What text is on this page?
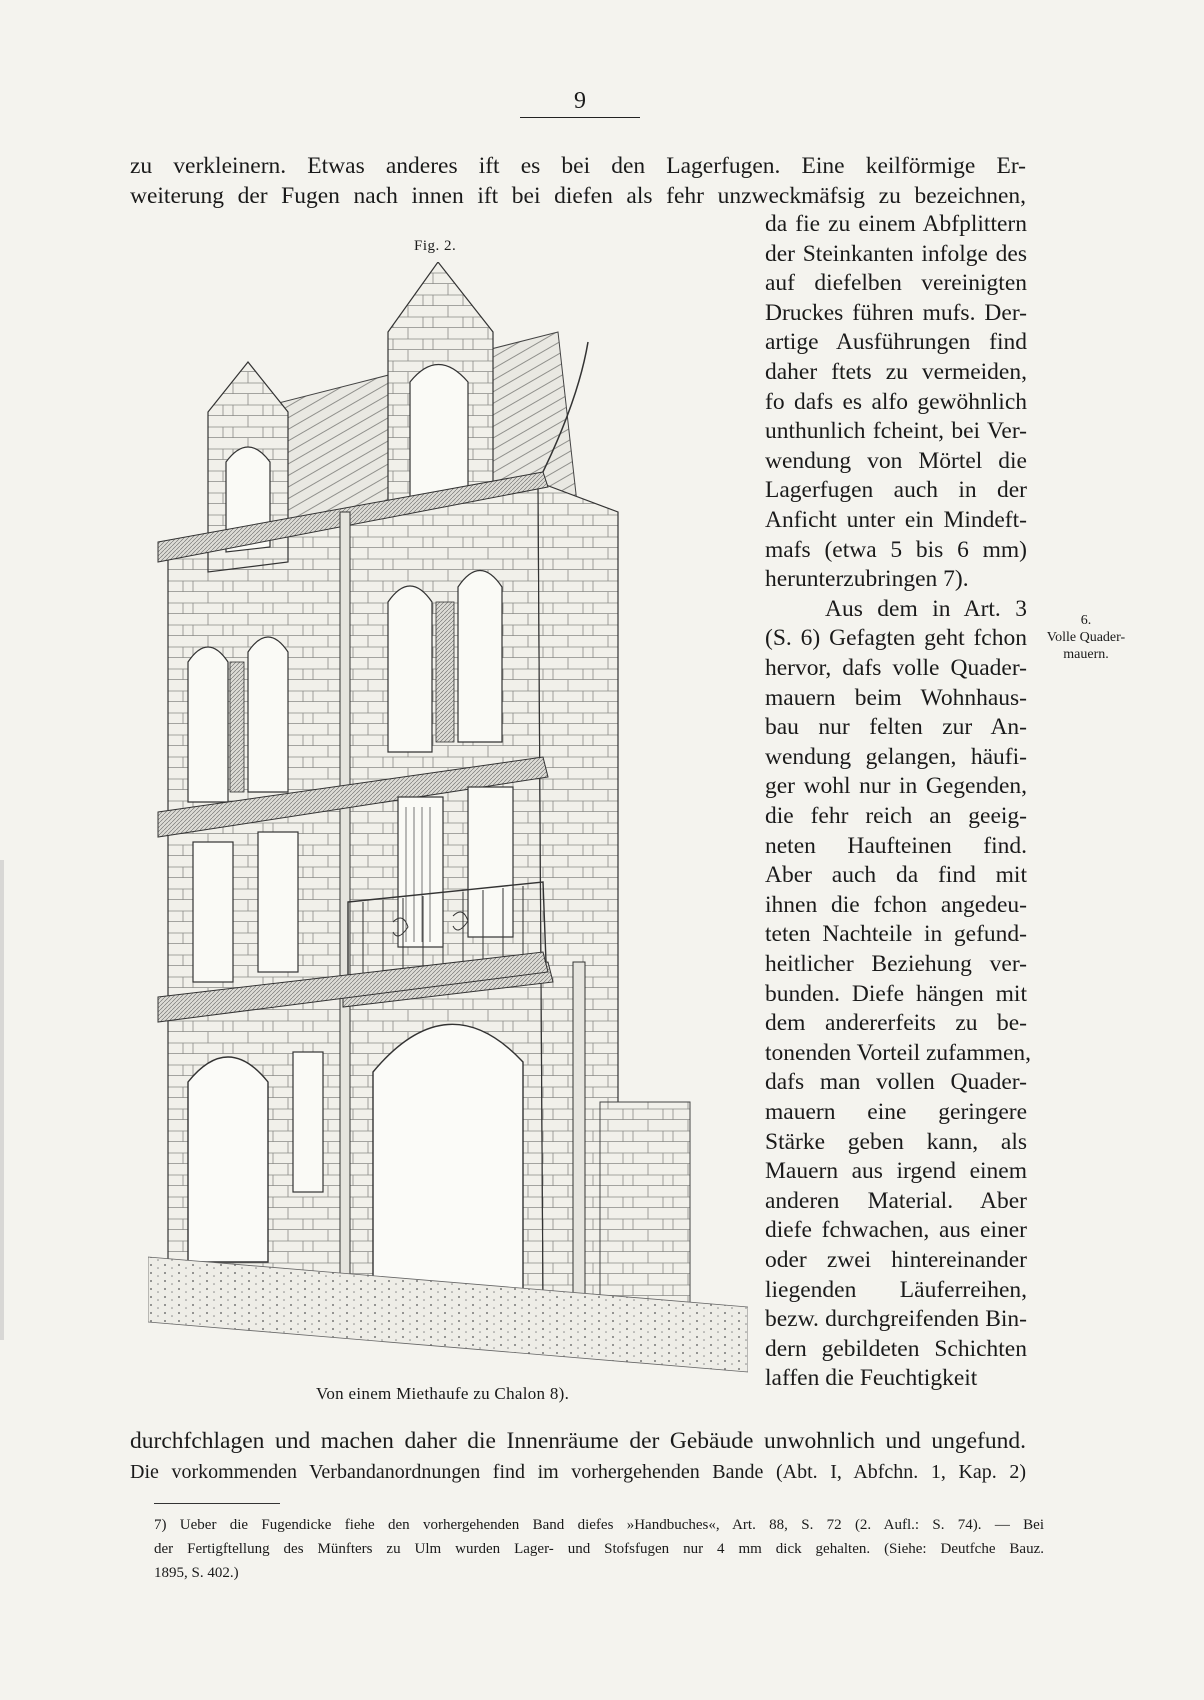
9
zu verkleinern. Etwas anderes ift es bei den Lagerfugen. Eine keilförmige Er-
weiterung der Fugen nach innen ift bei diefen als fehr unzweckmäfsig zu bezeichnen,
Fig. 2.
da fie zu einem Abfplittern
der Steinkanten infolge des
auf diefelben vereinigten
Druckes führen mufs. Der-
artige Ausführungen find
daher ftets zu vermeiden,
fo dafs es alfo gewöhnlich
unthunlich fcheint, bei Ver-
wendung von Mörtel die
Lagerfugen auch in der
Anficht unter ein Mindeft-
mafs (etwa 5 bis 6 mm)
herunterzubringen 7).
Aus dem in Art. 3
(S. 6) Gefagten geht fchon
hervor, dafs volle Quader-
mauern beim Wohnhaus-
bau nur felten zur An-
wendung gelangen, häufi-
ger wohl nur in Gegenden,
die fehr reich an geeig-
neten Haufteinen find.
Aber auch da find mit
ihnen die fchon angedeu-
teten Nachteile in gefund-
heitlicher Beziehung ver-
bunden. Diefe hängen mit
dem andererfeits zu be-
tonenden Vorteil zufammen,
dafs man vollen Quader-
mauern eine geringere
Stärke geben kann, als
Mauern aus irgend einem
anderen Material. Aber
diefe fchwachen, aus einer
oder zwei hintereinander
liegenden Läuferreihen,
bezw. durchgreifenden Bin-
dern gebildeten Schichten
laffen die Feuchtigkeit
6.
Volle Quader-
mauern.
Von einem Miethaufe zu Chalon 8).
durchfchlagen und machen daher die Innenräume der Gebäude unwohnlich und ungefund.
Die vorkommenden Verbandanordnungen find im vorhergehenden Bande (Abt. I, Abfchn. 1, Kap. 2)
7) Ueber die Fugendicke fiehe den vorhergehenden Band diefes »Handbuches«, Art. 88, S. 72 (2. Aufl.: S. 74). — Bei
der Fertigftellung des Münfters zu Ulm wurden Lager- und Stofsfugen nur 4 mm dick gehalten. (Siehe: Deutfche Bauz.
1895, S. 402.)
